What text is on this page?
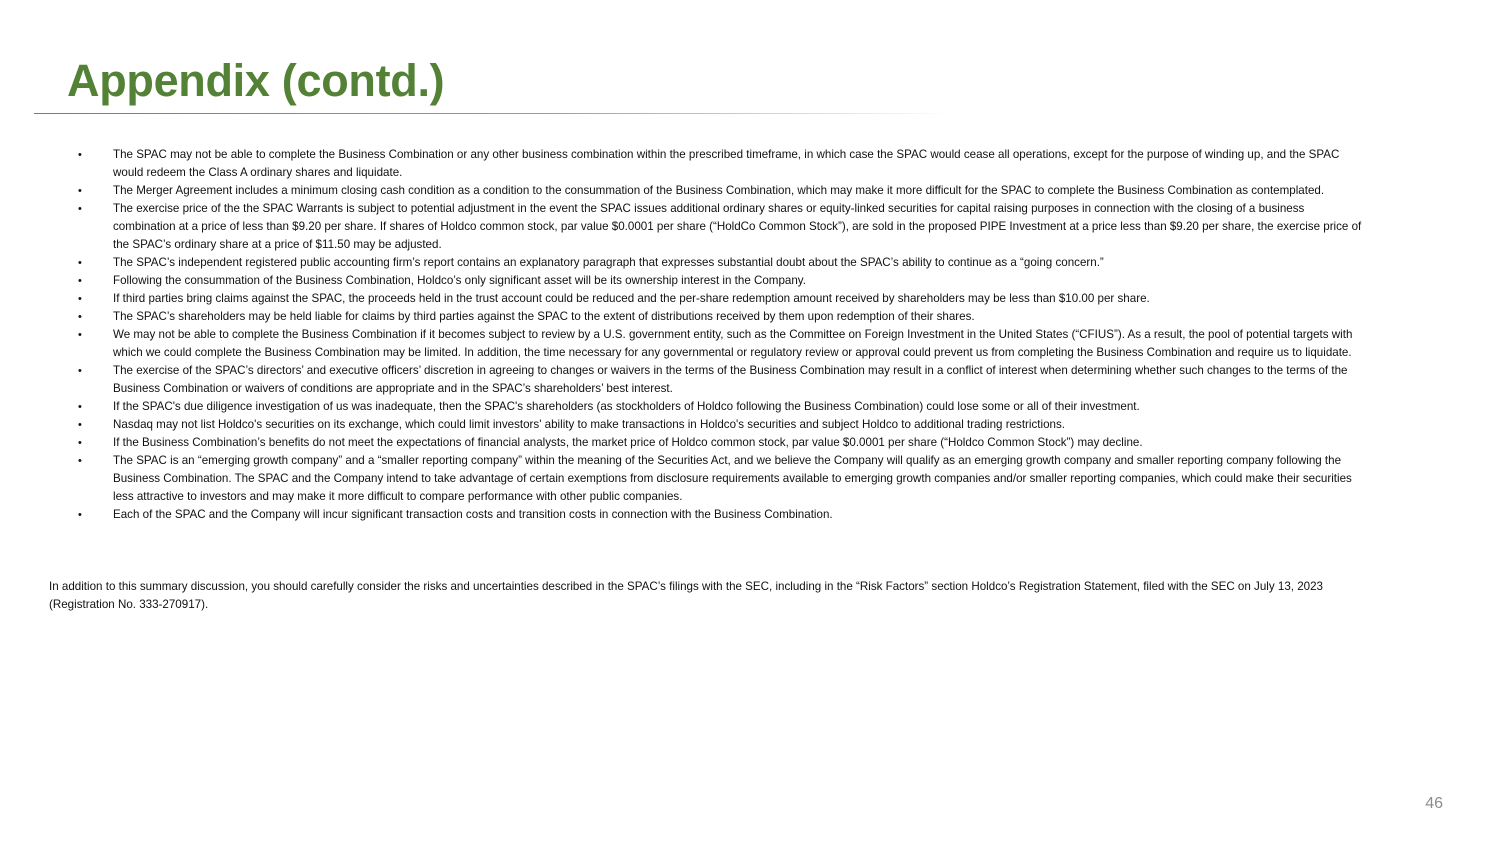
Appendix (contd.)
•	The SPAC may not be able to complete the Business Combination or any other business combination within the prescribed timeframe, in which case the SPAC would cease all operations, except for the purpose of winding up, and the SPAC would redeem the Class A ordinary shares and liquidate.
•	The Merger Agreement includes a minimum closing cash condition as a condition to the consummation of the Business Combination, which may make it more difficult for the SPAC to complete the Business Combination as contemplated.
•	The exercise price of the the SPAC Warrants is subject to potential adjustment in the event the SPAC issues additional ordinary shares or equity-linked securities for capital raising purposes in connection with the closing of a business combination at a price of less than $9.20 per share. If shares of Holdco common stock, par value $0.0001 per share (“HoldCo Common Stock”), are sold in the proposed PIPE Investment at a price less than $9.20 per share, the exercise price of the SPAC’s ordinary share at a price of $11.50 may be adjusted.
•	The SPAC’s independent registered public accounting firm’s report contains an explanatory paragraph that expresses substantial doubt about the SPAC’s ability to continue as a “going concern.”
•	Following the consummation of the Business Combination, Holdco’s only significant asset will be its ownership interest in the Company.
•	If third parties bring claims against the SPAC, the proceeds held in the trust account could be reduced and the per-share redemption amount received by shareholders may be less than $10.00 per share.
•	The SPAC’s shareholders may be held liable for claims by third parties against the SPAC to the extent of distributions received by them upon redemption of their shares.
•	We may not be able to complete the Business Combination if it becomes subject to review by a U.S. government entity, such as the Committee on Foreign Investment in the United States (“CFIUS”). As a result, the pool of potential targets with which we could complete the Business Combination may be limited. In addition, the time necessary for any governmental or regulatory review or approval could prevent us from completing the Business Combination and require us to liquidate.
•	The exercise of the SPAC’s directors’ and executive officers’ discretion in agreeing to changes or waivers in the terms of the Business Combination may result in a conflict of interest when determining whether such changes to the terms of the Business Combination or waivers of conditions are appropriate and in the SPAC’s shareholders’ best interest.
•	If the SPAC's due diligence investigation of us was inadequate, then the SPAC's shareholders (as stockholders of Holdco following the Business Combination) could lose some or all of their investment.
•	Nasdaq may not list Holdco's securities on its exchange, which could limit investors' ability to make transactions in Holdco's securities and subject Holdco to additional trading restrictions.
•	If the Business Combination’s benefits do not meet the expectations of financial analysts, the market price of Holdco common stock, par value $0.0001 per share (“Holdco Common Stock”) may decline.
•	The SPAC is an “emerging growth company” and a “smaller reporting company” within the meaning of the Securities Act, and we believe the Company will qualify as an emerging growth company and smaller reporting company following the Business Combination. The SPAC and the Company intend to take advantage of certain exemptions from disclosure requirements available to emerging growth companies and/or smaller reporting companies, which could make their securities less attractive to investors and may make it more difficult to compare performance with other public companies.
•	Each of the SPAC and the Company will incur significant transaction costs and transition costs in connection with the Business Combination.

In addition to this summary discussion, you should carefully consider the risks and uncertainties described in the SPAC’s filings with the SEC, including in the “Risk Factors” section Holdco’s Registration Statement, filed with the SEC on July 13, 2023 (Registration No. 333-270917).

46
